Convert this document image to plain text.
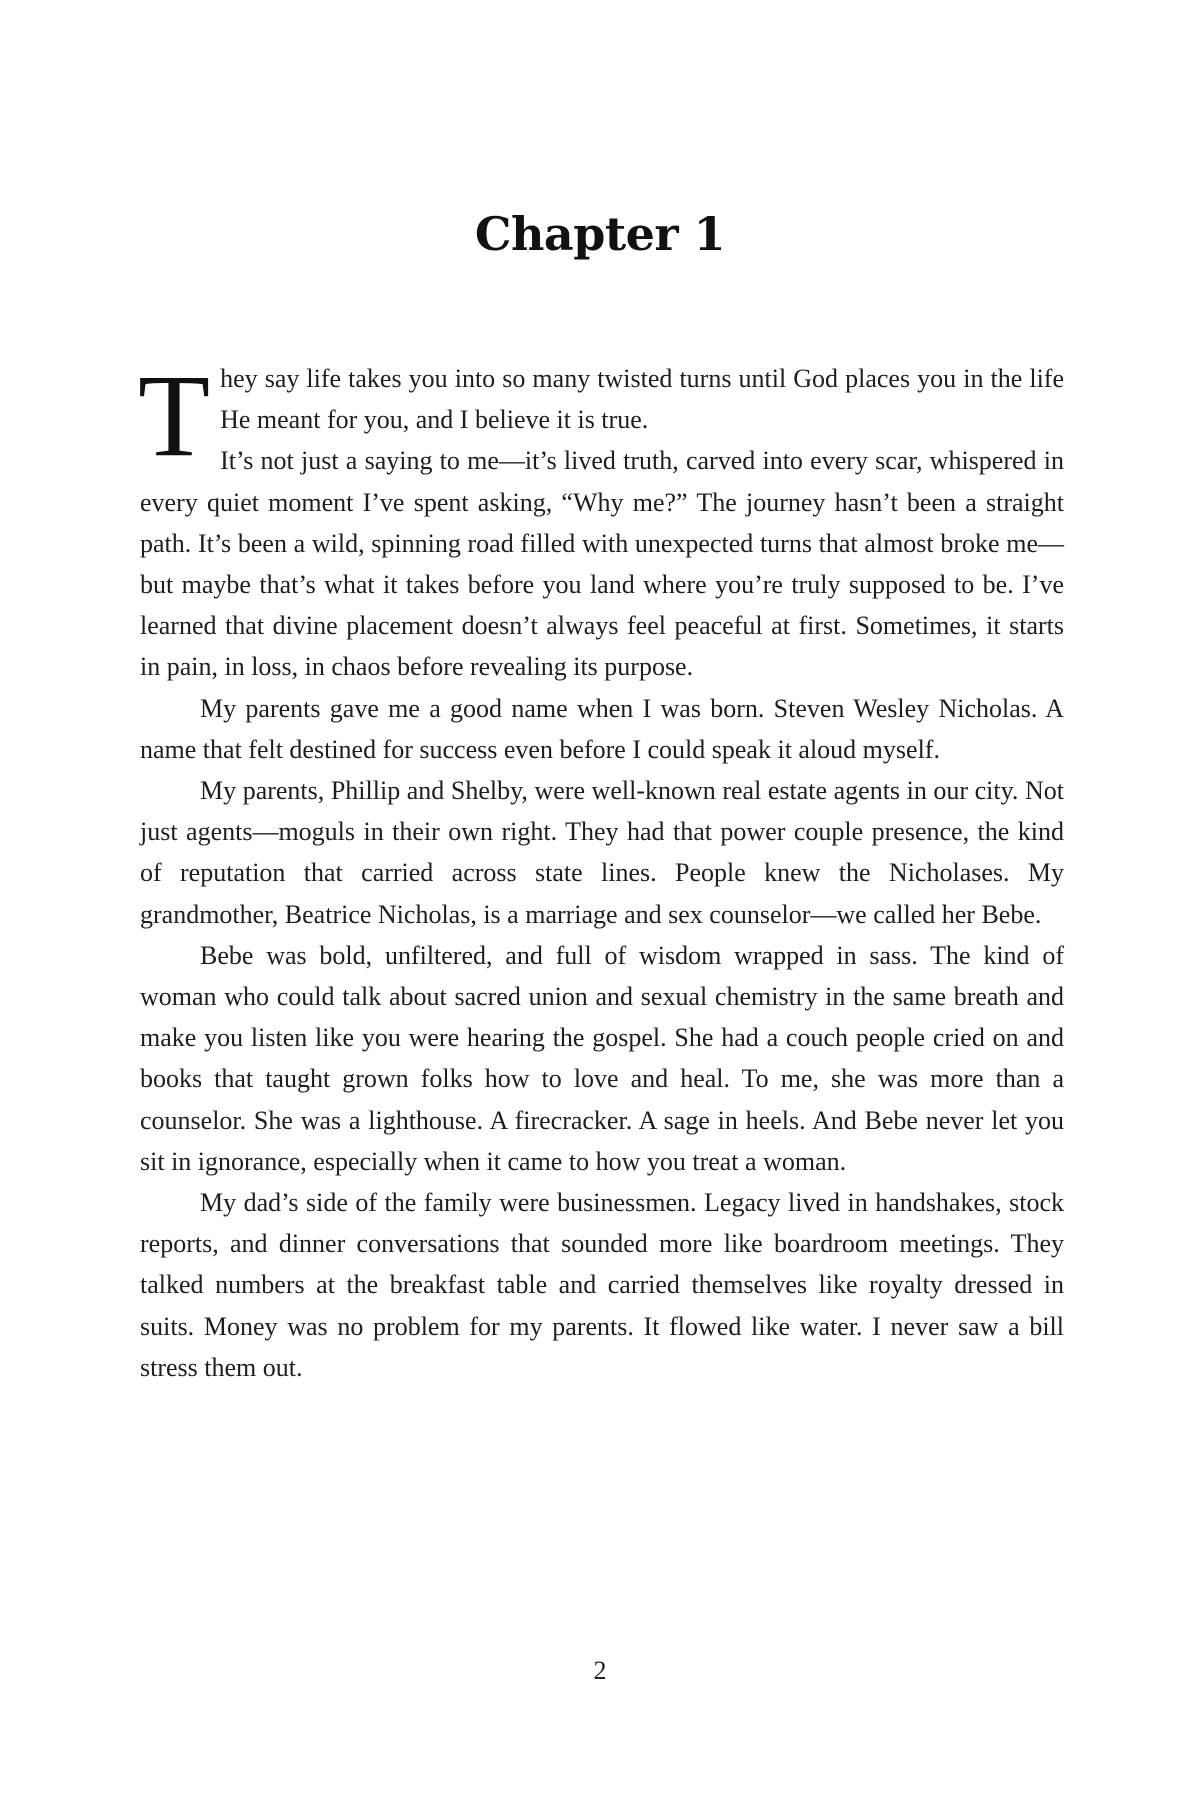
Chapter 1

They say life takes you into so many twisted turns until God places you in the life He meant for you, and I believe it is true.

It’s not just a saying to me—it’s lived truth, carved into every scar, whispered in every quiet moment I’ve spent asking, “Why me?” The journey hasn’t been a straight path. It’s been a wild, spinning road filled with unexpected turns that almost broke me—but maybe that’s what it takes before you land where you’re truly supposed to be. I’ve learned that divine placement doesn’t always feel peaceful at first. Sometimes, it starts in pain, in loss, in chaos before revealing its purpose.

My parents gave me a good name when I was born. Steven Wesley Nicholas. A name that felt destined for success even before I could speak it aloud myself.

My parents, Phillip and Shelby, were well-known real estate agents in our city. Not just agents—moguls in their own right. They had that power couple presence, the kind of reputation that carried across state lines. People knew the Nicholases. My grandmother, Beatrice Nicholas, is a marriage and sex counselor—we called her Bebe.

Bebe was bold, unfiltered, and full of wisdom wrapped in sass. The kind of woman who could talk about sacred union and sexual chemistry in the same breath and make you listen like you were hearing the gospel. She had a couch people cried on and books that taught grown folks how to love and heal. To me, she was more than a counselor. She was a lighthouse. A firecracker. A sage in heels. And Bebe never let you sit in ignorance, especially when it came to how you treat a woman.

My dad’s side of the family were businessmen. Legacy lived in handshakes, stock reports, and dinner conversations that sounded more like boardroom meetings. They talked numbers at the breakfast table and carried themselves like royalty dressed in suits. Money was no problem for my parents. It flowed like water. I never saw a bill stress them out.

2
